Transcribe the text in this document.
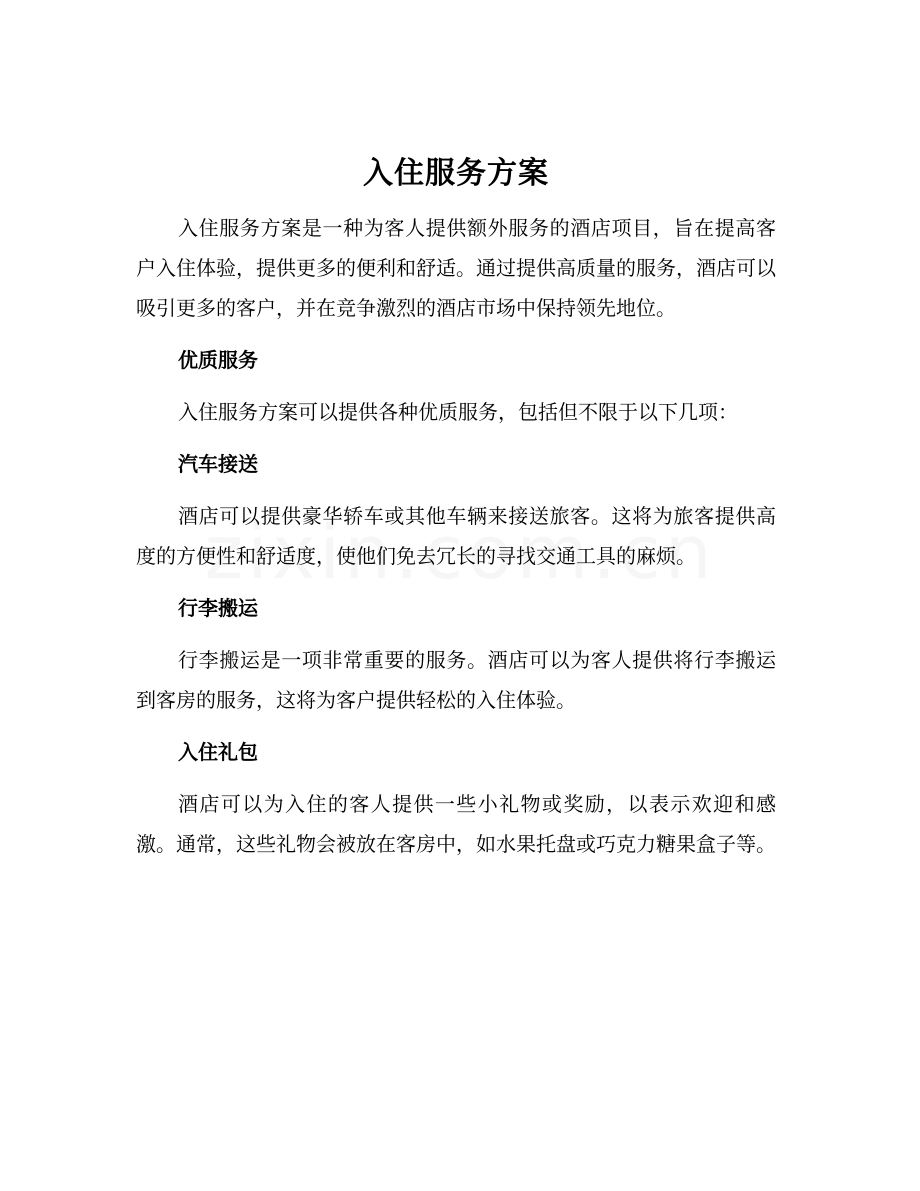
入住服务方案

入住服务方案是一种为客人提供额外服务的酒店项目，旨在提高客户入住体验，提供更多的便利和舒适。通过提供高质量的服务，酒店可以吸引更多的客户，并在竞争激烈的酒店市场中保持领先地位。

优质服务

入住服务方案可以提供各种优质服务，包括但不限于以下几项：

汽车接送

酒店可以提供豪华轿车或其他车辆来接送旅客。这将为旅客提供高度的方便性和舒适度，使他们免去冗长的寻找交通工具的麻烦。

行李搬运

行李搬运是一项非常重要的服务。酒店可以为客人提供将行李搬运到客房的服务，这将为客户提供轻松的入住体验。

入住礼包

酒店可以为入住的客人提供一些小礼物或奖励，以表示欢迎和感激。通常，这些礼物会被放在客房中，如水果托盘或巧克力糖果盒子等。
